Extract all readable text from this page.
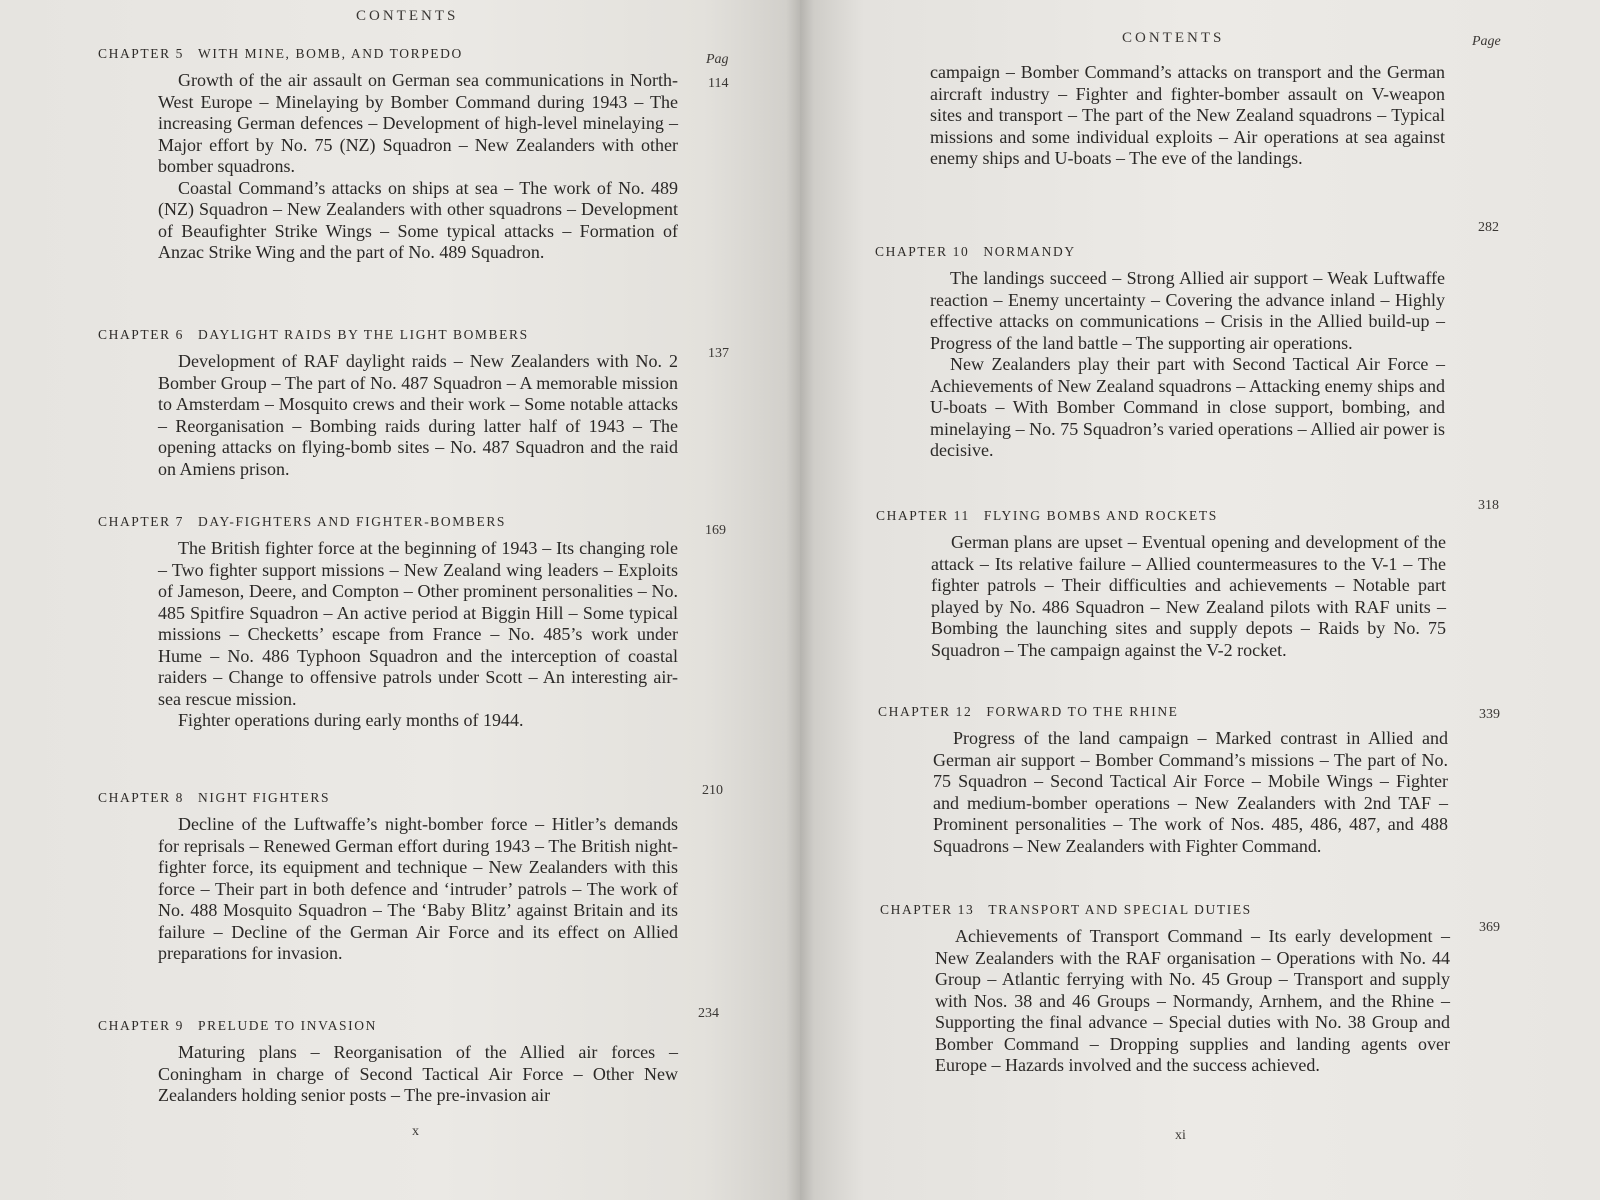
CONTENTS
Pag
CHAPTER 5 WITH MINE, BOMB, AND TORPEDO

Growth of the air assault on German sea communications in North-West Europe – Minelaying by Bomber Command during 1943 – The increasing German defences – Development of high-level minelaying – Major effort by No. 75 (NZ) Squadron – New Zealanders with other bomber squadrons.

Coastal Command’s attacks on ships at sea – The work of No. 489 (NZ) Squadron – New Zealanders with other squadrons – Development of Beaufighter Strike Wings – Some typical attacks – Formation of Anzac Strike Wing and the part of No. 489 Squadron.

114
CHAPTER 6 DAYLIGHT RAIDS BY THE LIGHT BOMBERS

Development of RAF daylight raids – New Zealanders with No. 2 Bomber Group – The part of No. 487 Squadron – A memorable mission to Amsterdam – Mosquito crews and their work – Some notable attacks – Reorganisation – Bombing raids during latter half of 1943 – The opening attacks on flying-bomb sites – No. 487 Squadron and the raid on Amiens prison.

137
CHAPTER 7 DAY-FIGHTERS AND FIGHTER-BOMBERS

The British fighter force at the beginning of 1943 – Its changing role – Two fighter support missions – New Zealand wing leaders – Exploits of Jameson, Deere, and Compton – Other prominent personalities – No. 485 Spitfire Squadron – An active period at Biggin Hill – Some typical missions – Checketts’ escape from France – No. 485’s work under Hume – No. 486 Typhoon Squadron and the interception of coastal raiders – Change to offensive patrols under Scott – An interesting air-sea rescue mission.

Fighter operations during early months of 1944.

169
CHAPTER 8 NIGHT FIGHTERS

Decline of the Luftwaffe’s night-bomber force – Hitler’s demands for reprisals – Renewed German effort during 1943 – The British night-fighter force, its equipment and technique – New Zealanders with this force – Their part in both defence and ‘intruder’ patrols – The work of No. 488 Mosquito Squadron – The ‘Baby Blitz’ against Britain and its failure – Decline of the German Air Force and its effect on Allied preparations for invasion.

210
CHAPTER 9 PRELUDE TO INVASION

Maturing plans – Reorganisation of the Allied air forces – Coningham in charge of Second Tactical Air Force – Other New Zealanders holding senior posts – The pre-invasion air

234
x
CONTENTS	Page

campaign – Bomber Command’s attacks on transport and the German aircraft industry – Fighter and fighter-bomber assault on V-weapon sites and transport – The part of the New Zealand squadrons – Typical missions and some individual exploits – Air operations at sea against enemy ships and U-boats – The eve of the landings.

CHAPTER 10 NORMANDY

The landings succeed – Strong Allied air support – Weak Luftwaffe reaction – Enemy uncertainty – Covering the advance inland – Highly effective attacks on communications – Crisis in the Allied build-up – Progress of the land battle – The supporting air operations.

New Zealanders play their part with Second Tactical Air Force – Achievements of New Zealand squadrons – Attacking enemy ships and U-boats – With Bomber Command in close support, bombing, and minelaying – No. 75 Squadron’s varied operations – Allied air power is decisive.

282
CHAPTER 11 FLYING BOMBS AND ROCKETS

German plans are upset – Eventual opening and development of the attack – Its relative failure – Allied countermeasures to the V-1 – The fighter patrols – Their difficulties and achievements – Notable part played by No. 486 Squadron – New Zealand pilots with RAF units – Bombing the launching sites and supply depots – Raids by No. 75 Squadron – The campaign against the V-2 rocket.

318
CHAPTER 12 FORWARD TO THE RHINE

Progress of the land campaign – Marked contrast in Allied and German air support – Bomber Command’s missions – The part of No. 75 Squadron – Second Tactical Air Force – Mobile Wings – Fighter and medium-bomber operations – New Zealanders with 2nd TAF – Prominent personalities – The work of Nos. 485, 486, 487, and 488 Squadrons – New Zealanders with Fighter Command.

339
CHAPTER 13 TRANSPORT AND SPECIAL DUTIES

Achievements of Transport Command – Its early development – New Zealanders with the RAF organisation – Operations with No. 44 Group – Atlantic ferrying with No. 45 Group – Transport and supply with Nos. 38 and 46 Groups – Normandy, Arnhem, and the Rhine – Supporting the final advance – Special duties with No. 38 Group and Bomber Command – Dropping supplies and landing agents over Europe – Hazards involved and the success achieved.

369
xi
